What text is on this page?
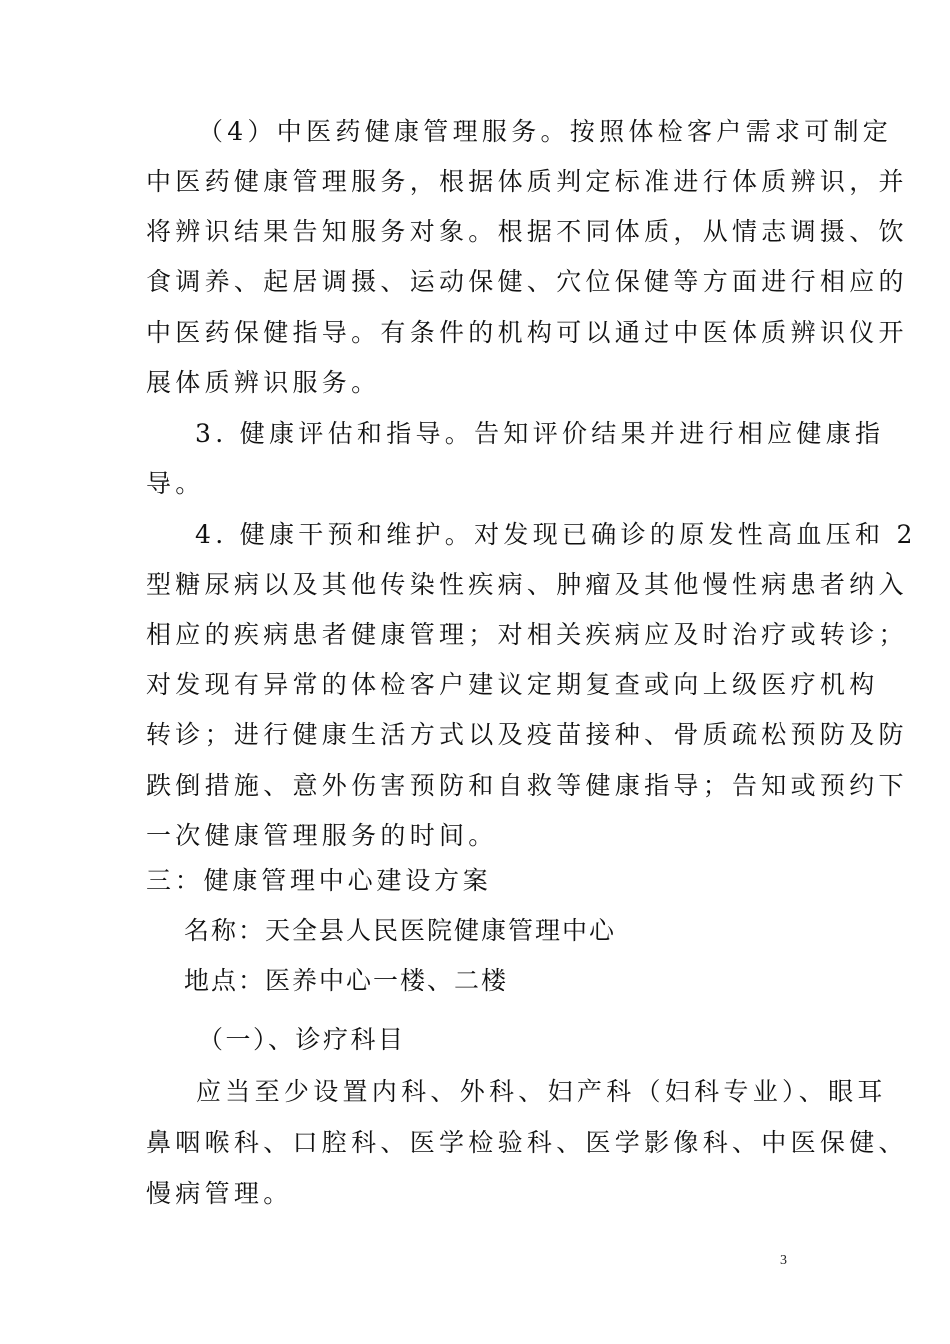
（4）中医药健康管理服务。按照体检客户需求可制定
中医药健康管理服务，根据体质判定标准进行体质辨识，并
将辨识结果告知服务对象。根据不同体质，从情志调摄、饮
食调养、起居调摄、运动保健、穴位保健等方面进行相应的
中医药保健指导。有条件的机构可以通过中医体质辨识仪开
展体质辨识服务。
3. 健康评估和指导。告知评价结果并进行相应健康指
导。
4. 健康干预和维护。对发现已确诊的原发性高血压和 2
型糖尿病以及其他传染性疾病、肿瘤及其他慢性病患者纳入
相应的疾病患者健康管理；对相关疾病应及时治疗或转诊；
对发现有异常的体检客户建议定期复查或向上级医疗机构
转诊；进行健康生活方式以及疫苗接种、骨质疏松预防及防
跌倒措施、意外伤害预防和自救等健康指导；告知或预约下
一次健康管理服务的时间。
三：健康管理中心建设方案
名称：天全县人民医院健康管理中心
地点：医养中心一楼、二楼
（一）、诊疗科目
应当至少设置内科、外科、妇产科（妇科专业）、眼耳
鼻咽喉科、口腔科、医学检验科、医学影像科、中医保健、
慢病管理。
3
